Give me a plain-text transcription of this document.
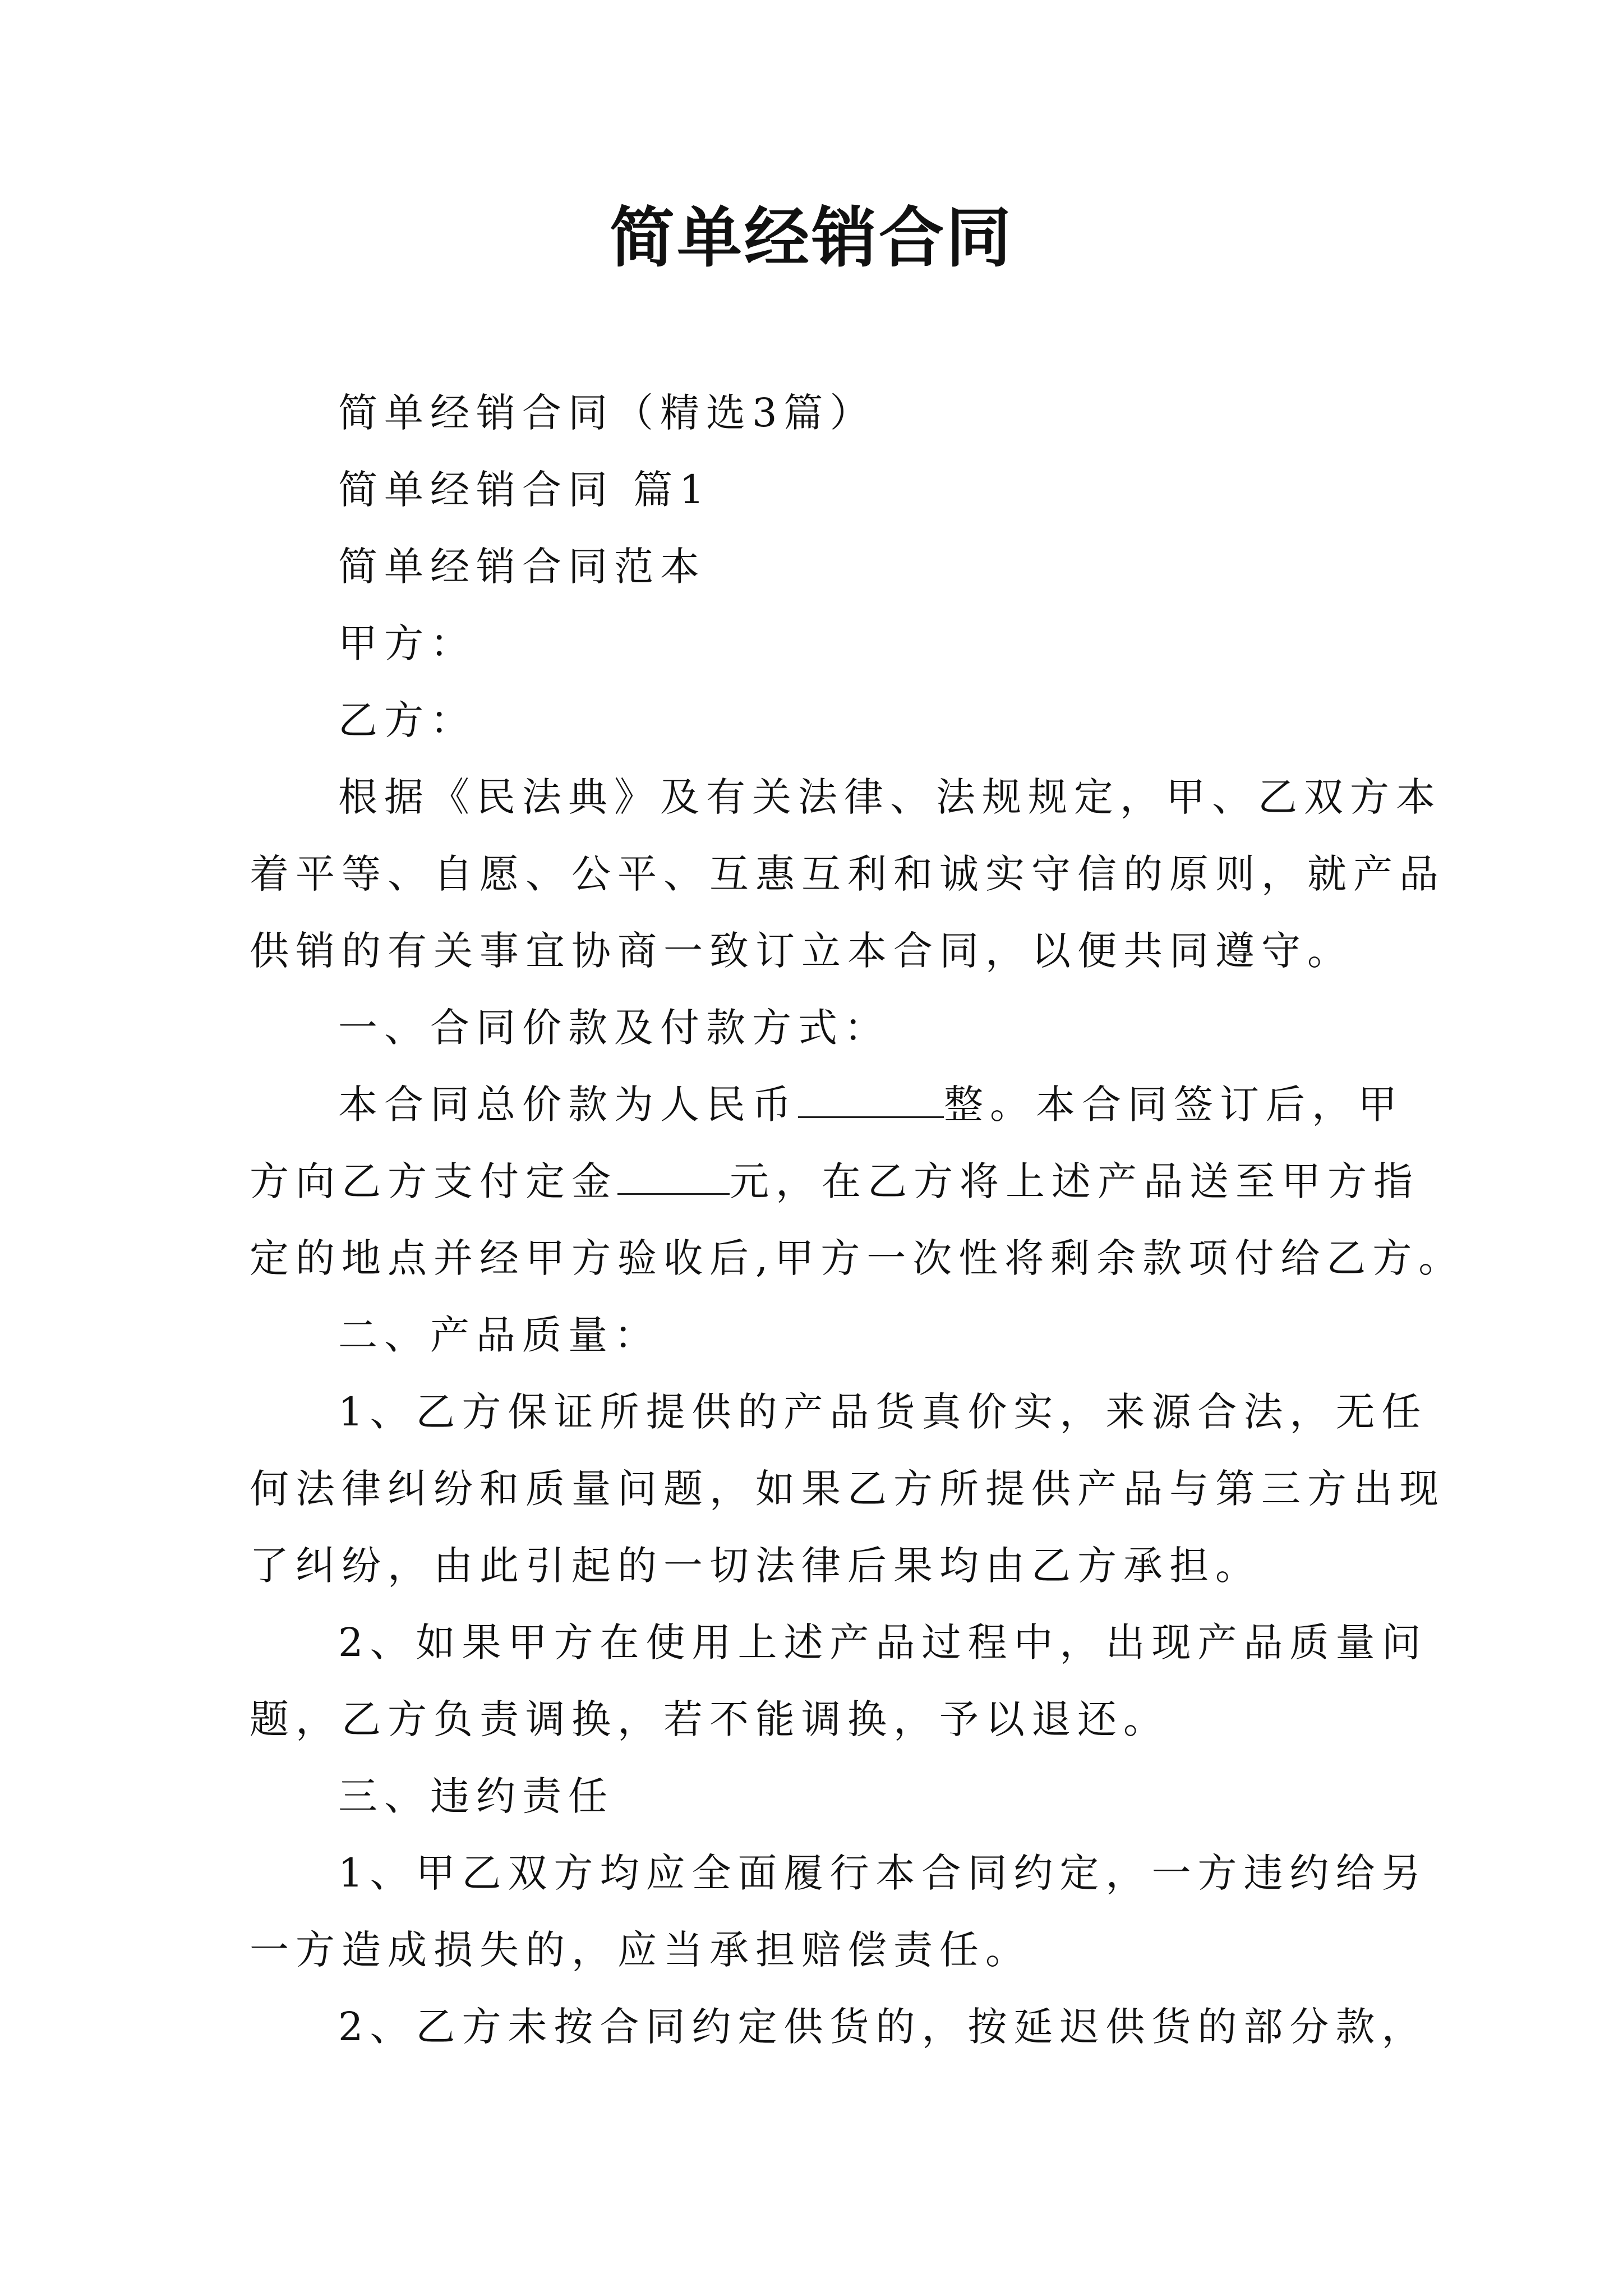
简单经销合同
简单经销合同（精选3篇）
简单经销合同 篇1
简单经销合同范本
甲方：
乙方：
根据《民法典》及有关法律、法规规定，甲、乙双方本
着平等、自愿、公平、互惠互利和诚实守信的原则，就产品
供销的有关事宜协商一致订立本合同，以便共同遵守。
一、合同价款及付款方式：
本合同总价款为人民币	整。本合同签订后，甲
方向乙方支付定金	元，在乙方将上述产品送至甲方指
定的地点并经甲方验收后,甲方一次性将剩余款项付给乙方。
二、产品质量：
1、乙方保证所提供的产品货真价实，来源合法，无任
何法律纠纷和质量问题，如果乙方所提供产品与第三方出现
了纠纷，由此引起的一切法律后果均由乙方承担。
2、如果甲方在使用上述产品过程中，出现产品质量问
题，乙方负责调换，若不能调换，予以退还。
三、违约责任
1、甲乙双方均应全面履行本合同约定，一方违约给另
一方造成损失的，应当承担赔偿责任。
2、乙方未按合同约定供货的，按延迟供货的部分款，
